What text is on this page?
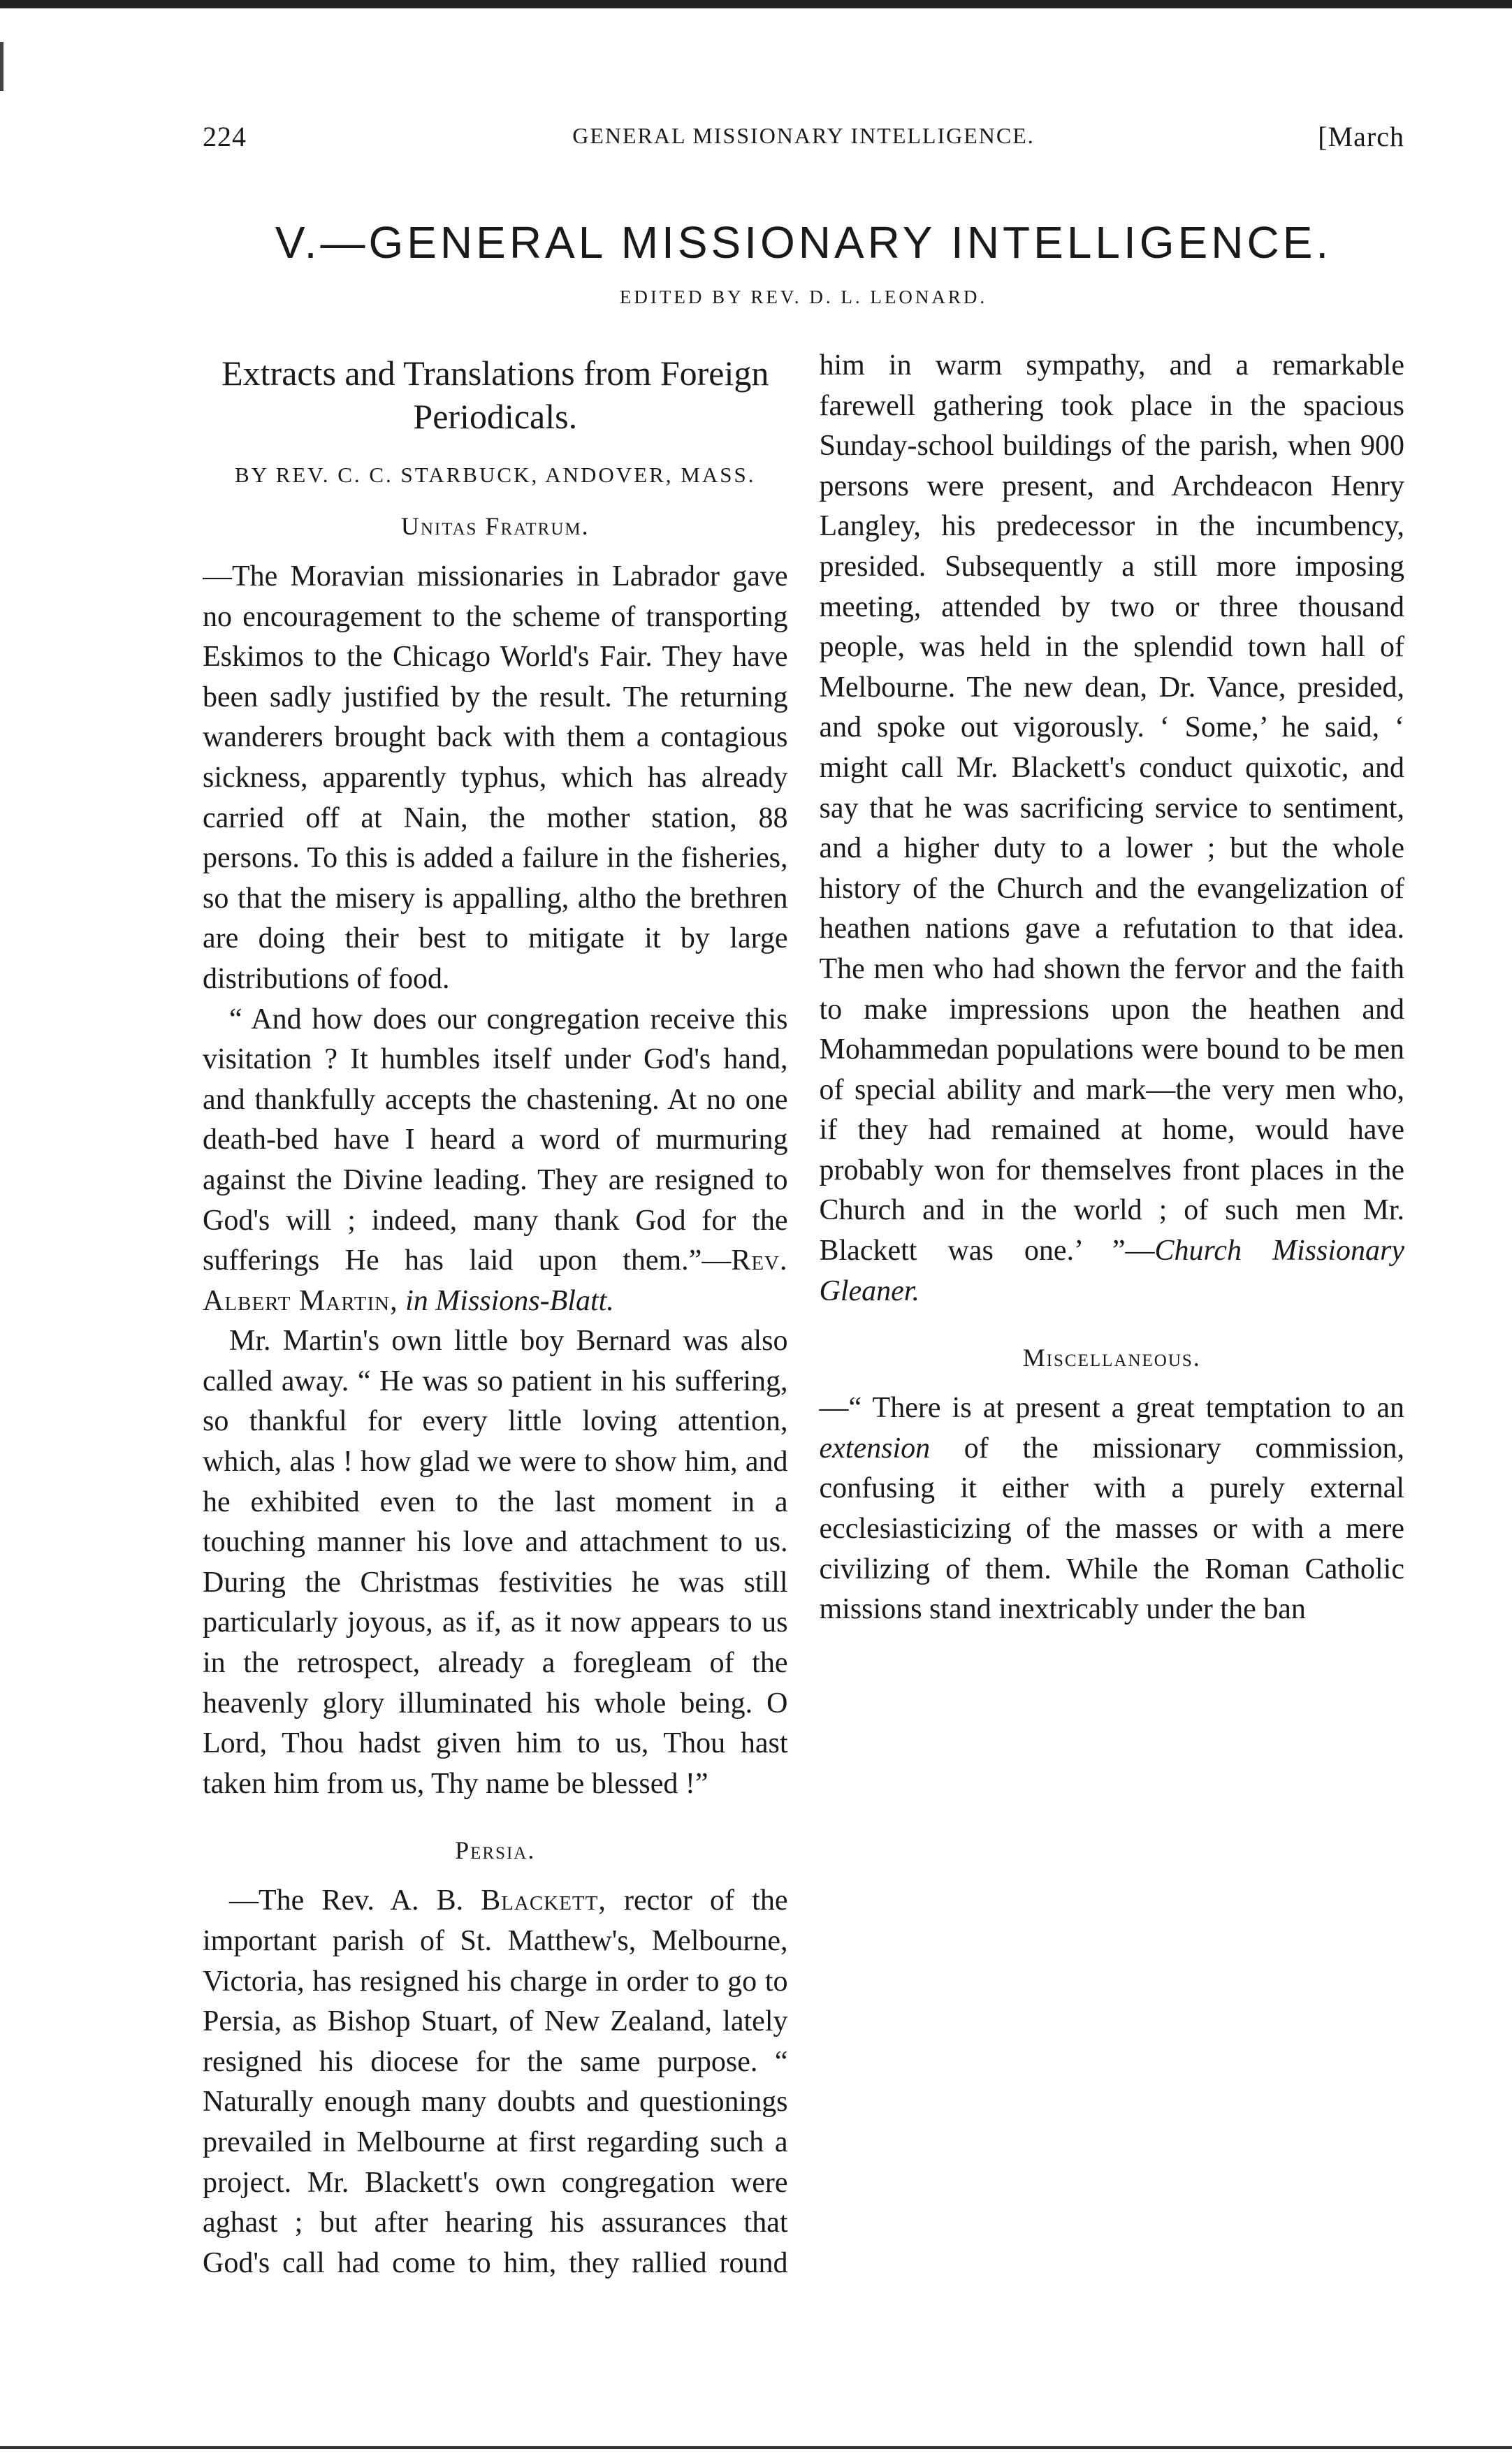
224	GENERAL MISSIONARY INTELLIGENCE.	[March
V.—GENERAL MISSIONARY INTELLIGENCE.
EDITED BY REV. D. L. LEONARD.
Extracts and Translations from Foreign Periodicals.
BY REV. C. C. STARBUCK, ANDOVER, MASS.
Unitas Fratrum.

—The Moravian missionaries in Labrador gave no encouragement to the scheme of transporting Eskimos to the Chicago World's Fair. They have been sadly justified by the result. The returning wanderers brought back with them a contagious sickness, apparently typhus, which has already carried off at Nain, the mother station, 88 persons. To this is added a failure in the fisheries, so that the misery is appalling, altho the brethren are doing their best to mitigate it by large distributions of food.

“ And how does our congregation receive this visitation ? It humbles itself under God's hand, and thankfully accepts the chastening. At no one death-bed have I heard a word of murmuring against the Divine leading. They are resigned to God's will ; indeed, many thank God for the sufferings He has laid upon them.”—Rev. Albert Martin, in Missions-Blatt.

Mr. Martin's own little boy Bernard was also called away. “ He was so patient in his suffering, so thankful for every little loving attention, which, alas ! how glad we were to show him, and he exhibited even to the last moment in a touching manner his love and attachment to us. During the Christmas festivities he was still particularly joyous, as if, as it now appears to us in the retrospect, already a foregleam of the heavenly glory illuminated his whole being. O Lord, Thou hadst given him to us, Thou hast taken him from us, Thy name be blessed !”

Persia.

—The Rev. A. B. Blackett, rector of the important parish of St. Matthew's, Melbourne, Victoria, has resigned his charge in order to go to Persia, as Bishop Stuart, of New Zealand, lately resigned his diocese for the same purpose. “ Naturally enough many doubts and questionings prevailed in Melbourne at first regarding such a project. Mr. Blackett's own congregation were aghast ; but after hearing his assurances that God's call had come to him, they rallied round him in warm sympathy, and a remarkable farewell gathering took place in the spacious Sunday-school buildings of the parish, when 900 persons were present, and Archdeacon Henry Langley, his predecessor in the incumbency, presided. Subsequently a still more imposing meeting, attended by two or three thousand people, was held in the splendid town hall of Melbourne. The new dean, Dr. Vance, presided, and spoke out vigorously. ‘ Some,’ he said, ‘ might call Mr. Blackett's conduct quixotic, and say that he was sacrificing service to sentiment, and a higher duty to a lower ; but the whole history of the Church and the evangelization of heathen nations gave a refutation to that idea. The men who had shown the fervor and the faith to make impressions upon the heathen and Mohammedan populations were bound to be men of special ability and mark—the very men who, if they had remained at home, would have probably won for themselves front places in the Church and in the world ; of such men Mr. Blackett was one.’ ”—Church Missionary Gleaner.

Miscellaneous.

—“ There is at present a great temptation to an extension of the missionary commission, confusing it either with a purely external ecclesiasticizing of the masses or with a mere civilizing of them. While the Roman Catholic missions stand inextricably under the ban
